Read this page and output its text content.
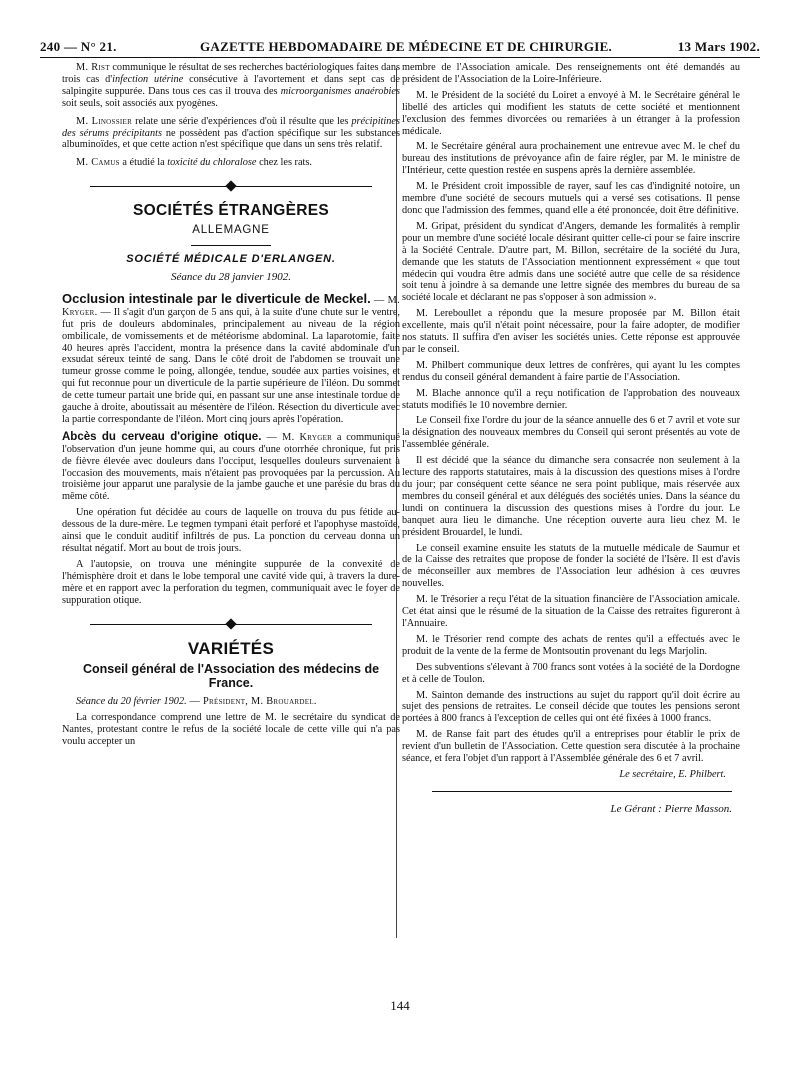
240 — N° 21.	GAZETTE HEBDOMADAIRE DE MÉDECINE ET DE CHIRURGIE.	13 Mars 1902.

M. Rist communique le résultat de ses recherches bactériologiques faites dans trois cas d'infection utérine consécutive à l'avortement et dans sept cas de salpingite suppurée. Dans tous ces cas il trouva des microorganismes anaérobies soit seuls, soit associés aux pyogènes.

M. Linossier relate une série d'expériences d'où il résulte que les précipitines des sérums précipitants ne possèdent pas d'action spécifique sur les substances albuminoïdes, et que cette action n'est spécifique que dans un sens très relatif.

M. Camus a étudié la toxicité du chloralose chez les rats.

SOCIÉTÉS ÉTRANGÈRES
ALLEMAGNE
SOCIÉTÉ MÉDICALE D'ERLANGEN.
Séance du 28 janvier 1902.

Occlusion intestinale par le diverticule de Meckel. — M. Kryger. — Il s'agit d'un garçon de 5 ans qui, à la suite d'une chute sur le ventre, fut pris de douleurs abdominales, principalement au niveau de la région ombilicale, de vomissements et de météorisme abdominal. La laparotomie, faite 40 heures après l'accident, montra la présence dans la cavité abdominale d'un exsudat séreux teinté de sang. Dans le côté droit de l'abdomen se trouvait une tumeur grosse comme le poing, allongée, tendue, soudée aux parties voisines, et qui fut reconnue pour un diverticule de la partie supérieure de l'iléon. Du sommet de cette tumeur partait une bride qui, en passant sur une anse intestinale tordue de gauche à droite, aboutissait au mésentère de l'iléon. Résection du diverticule avec la partie correspondante de l'iléon. Mort cinq jours après l'opération.

Abcès du cerveau d'origine otique. — M. Kryger a communiqué l'observation d'un jeune homme qui, au cours d'une otorrhée chronique, fut pris de fièvre élevée avec douleurs dans l'occiput, lesquelles douleurs survenaient à l'occasion des mouvements, mais n'étaient pas provoquées par la percussion. Au troisième jour apparut une paralysie de la jambe gauche et une parésie du bras du même côté.

Une opération fut décidée au cours de laquelle on trouva du pus fétide au-dessous de la dure-mère. Le tegmen tympani était perforé et l'apophyse mastoïde, ainsi que le conduit auditif infiltrés de pus. La ponction du cerveau donna un résultat négatif. Mort au bout de trois jours.

A l'autopsie, on trouva une méningite suppurée de la convexité de l'hémisphère droit et dans le lobe temporal une cavité vide qui, à travers la dure-mère et en rapport avec la perforation du tegmen, communiquait avec le foyer de suppuration otique.

VARIÉTÉS
Conseil général de l'Association des médecins de France.

Séance du 20 février 1902. — Président, M. Brouardel.

La correspondance comprend une lettre de M. le secrétaire du syndicat de Nantes, protestant contre le refus de la société locale de cette ville qui n'a pas voulu accepter un

membre de l'Association amicale. Des renseignements ont été demandés au président de l'Association de la Loire-Inférieure.

M. le Président de la société du Loiret a envoyé à M. le Secrétaire général le libellé des articles qui modifient les statuts de cette société et mentionnent l'exclusion des femmes divorcées ou remariées à un étranger à la profession médicale.

M. le Secrétaire général aura prochainement une entrevue avec M. le chef du bureau des institutions de prévoyance afin de faire régler, par M. le ministre de l'Intérieur, cette question restée en suspens après la dernière assemblée.

M. le Président croit impossible de rayer, sauf les cas d'indignité notoire, un membre d'une société de secours mutuels qui a versé ses cotisations. Il pense donc que l'admission des femmes, quand elle a été prononcée, doit être définitive.

M. Gripat, président du syndicat d'Angers, demande les formalités à remplir pour un membre d'une société locale désirant quitter celle-ci pour se faire inscrire à la Société Centrale. D'autre part, M. Billon, secrétaire de la société du Jura, demande que les statuts de l'Association mentionnent expressément « que tout médecin qui voudra être admis dans une société autre que celle de sa résidence soit tenu à joindre à sa demande une lettre signée des membres du bureau de sa société locale et déclarant ne pas s'opposer à son admission ».

M. Lereboullet a répondu que la mesure proposée par M. Billon était excellente, mais qu'il n'était point nécessaire, pour la faire adopter, de modifier nos statuts. Il suffira d'en aviser les sociétés unies. Cette réponse est approuvée par le conseil.

M. Philbert communique deux lettres de confrères, qui ayant lu les comptes rendus du conseil général demandent à faire partie de l'Association.

M. Blache annonce qu'il a reçu notification de l'approbation des nouveaux statuts modifiés le 10 novembre dernier.

Le Conseil fixe l'ordre du jour de la séance annuelle des 6 et 7 avril et vote sur la désignation des nouveaux membres du Conseil qui seront présentés au vote de l'assemblée générale.

Il est décidé que la séance du dimanche sera consacrée non seulement à la lecture des rapports statutaires, mais à la discussion des questions mises à l'ordre du jour; par conséquent cette séance ne sera point publique, mais réservée aux membres du conseil général et aux délégués des sociétés unies. Dans la séance du lundi on continuera la discussion des questions mises à l'ordre du jour. Le banquet aura lieu le dimanche. Une réception ouverte aura lieu chez M. le président Brouardel, le lundi.

Le conseil examine ensuite les statuts de la mutuelle médicale de Saumur et de la Caisse des retraites que propose de fonder la société de l'Isère. Il est d'avis de méconseiller aux membres de l'Association leur adhésion à ces œuvres nouvelles.

M. le Trésorier a reçu l'état de la situation financière de l'Association amicale. Cet état ainsi que le résumé de la situation de la Caisse des retraites figureront à l'Annuaire.

M. le Trésorier rend compte des achats de rentes qu'il a effectués avec le produit de la vente de la ferme de Montsoutin provenant du legs Marjolin.

Des subventions s'élevant à 700 francs sont votées à la société de la Dordogne et à celle de Toulon.

M. Sainton demande des instructions au sujet du rapport qu'il doit écrire au sujet des pensions de retraites. Le conseil décide que toutes les pensions seront portées à 800 francs à l'exception de celles qui ont été fixées à 1000 francs.

M. de Ranse fait part des études qu'il a entreprises pour établir le prix de revient d'un bulletin de l'Association. Cette question sera discutée à la prochaine séance, et fera l'objet d'un rapport à l'Assemblée générale des 6 et 7 avril.

Le secrétaire, E. Philbert.
Le Gérant : Pierre Masson.
144
